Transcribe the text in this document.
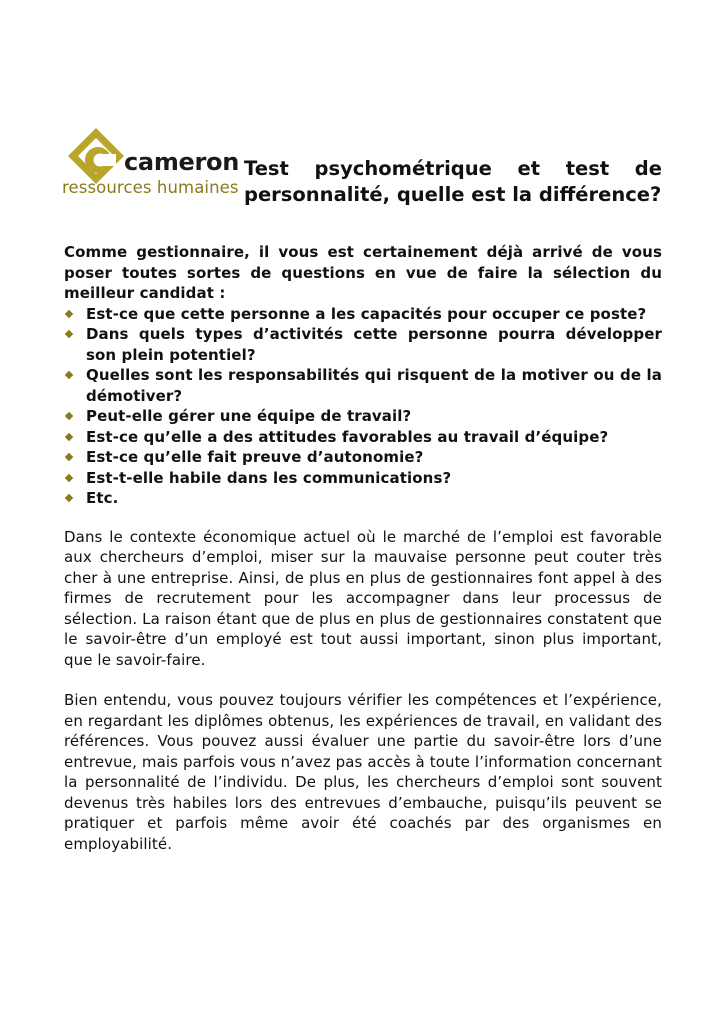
cameron
ressources humaines
Test psychométrique et test de personnalité, quelle est la différence?

Comme gestionnaire, il vous est certainement déjà arrivé de vous poser toutes sortes de questions en vue de faire la sélection du meilleur candidat :

Est-ce que cette personne a les capacités pour occuper ce poste?
Dans quels types d’activités cette personne pourra développer son plein potentiel?
Quelles sont les responsabilités qui risquent de la motiver ou de la démotiver?
Peut-elle gérer une équipe de travail?
Est-ce qu’elle a des attitudes favorables au travail d’équipe?
Est-ce qu’elle fait preuve d’autonomie?
Est-t-elle habile dans les communications?
Etc.

Dans le contexte économique actuel où le marché de l’emploi est favorable aux chercheurs d’emploi, miser sur la mauvaise personne peut couter très cher à une entreprise. Ainsi, de plus en plus de gestionnaires font appel à des firmes de recrutement pour les accompagner dans leur processus de sélection. La raison étant que de plus en plus de gestionnaires constatent que le savoir-être d’un employé est tout aussi important, sinon plus important, que le savoir-faire.

Bien entendu, vous pouvez toujours vérifier les compétences et l’expérience, en regardant les diplômes obtenus, les expériences de travail, en validant des références. Vous pouvez aussi évaluer une partie du savoir-être lors d’une entrevue, mais parfois vous n’avez pas accès à toute l’information concernant la personnalité de l’individu. De plus, les chercheurs d’emploi sont souvent devenus très habiles lors des entrevues d’embauche, puisqu’ils peuvent se pratiquer et parfois même avoir été coachés par des organismes en employabilité.
